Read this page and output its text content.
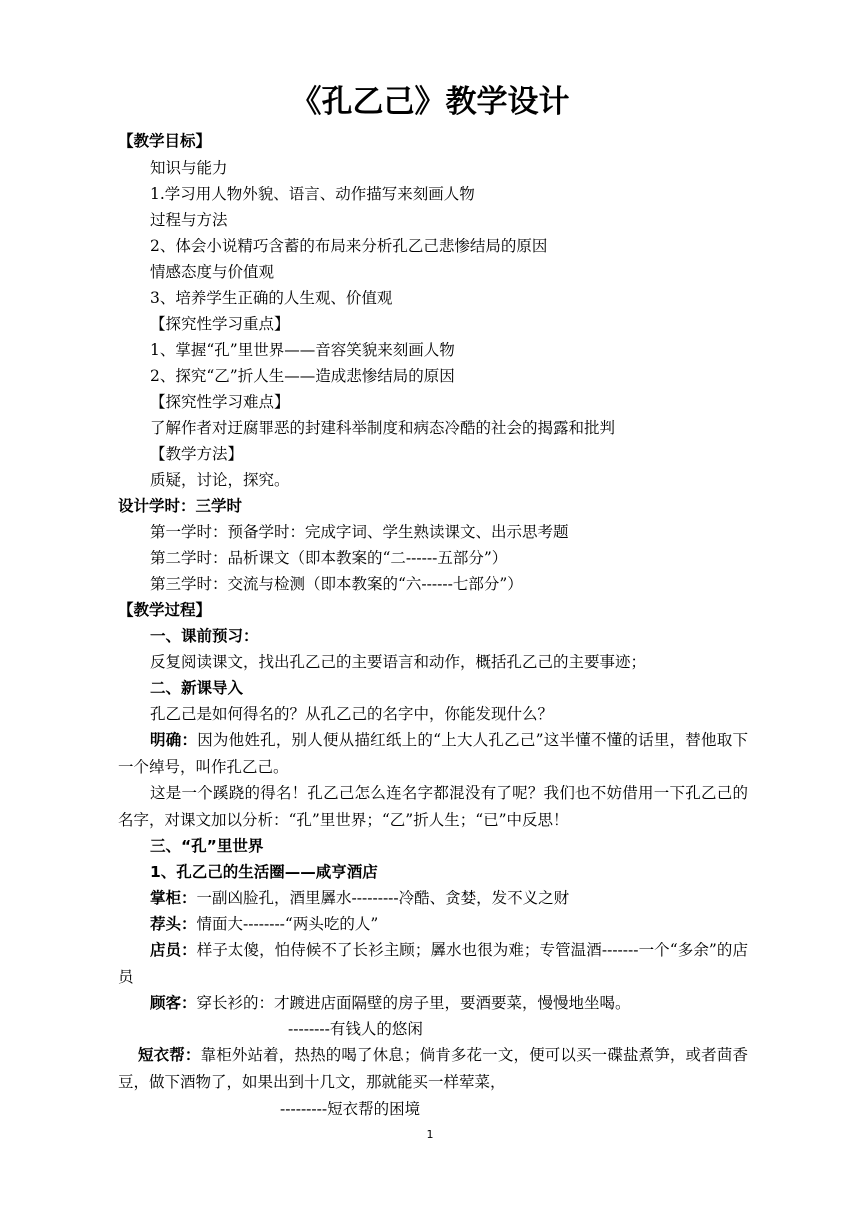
《孔乙己》教学设计
【教学目标】
知识与能力
1.学习用人物外貌、语言、动作描写来刻画人物
过程与方法
2、体会小说精巧含蓄的布局来分析孔乙己悲惨结局的原因
情感态度与价值观
3、培养学生正确的人生观、价值观
【探究性学习重点】
1、掌握“孔”里世界——音容笑貌来刻画人物
2、探究“乙”折人生——造成悲惨结局的原因
【探究性学习难点】
了解作者对迂腐罪恶的封建科举制度和病态冷酷的社会的揭露和批判
【教学方法】
质疑，讨论，探究。
设计学时：三学时
第一学时：预备学时：完成字词、学生熟读课文、出示思考题
第二学时：品析课文（即本教案的“二------五部分”）
第三学时：交流与检测（即本教案的“六------七部分”）
【教学过程】
一、课前预习：
反复阅读课文，找出孔乙己的主要语言和动作，概括孔乙己的主要事迹；
二、新课导入
孔乙己是如何得名的？从孔乙己的名字中，你能发现什么？
明确：因为他姓孔，别人便从描红纸上的“上大人孔乙己”这半懂不懂的话里，替他取下一个绰号，叫作孔乙己。
这是一个蹊跷的得名！孔乙己怎么连名字都混没有了呢？我们也不妨借用一下孔乙己的名字，对课文加以分析：“孔”里世界；“乙”折人生；“已”中反思！
三、“孔”里世界
1、孔乙己的生活圈——咸亨酒店
掌柜：一副凶脸孔，酒里羼水---------冷酷、贪婪，发不义之财
荐头：情面大--------“两头吃的人”
店员：样子太傻，怕侍候不了长衫主顾；羼水也很为难；专管温酒-------一个“多余”的店员
顾客：穿长衫的：才踱进店面隔壁的房子里，要酒要菜，慢慢地坐喝。
--------有钱人的悠闲
短衣帮：靠柜外站着，热热的喝了休息；倘肯多花一文，便可以买一碟盐煮笋，或者茴香豆，做下酒物了，如果出到十几文，那就能买一样荤菜，
---------短衣帮的困境
1
